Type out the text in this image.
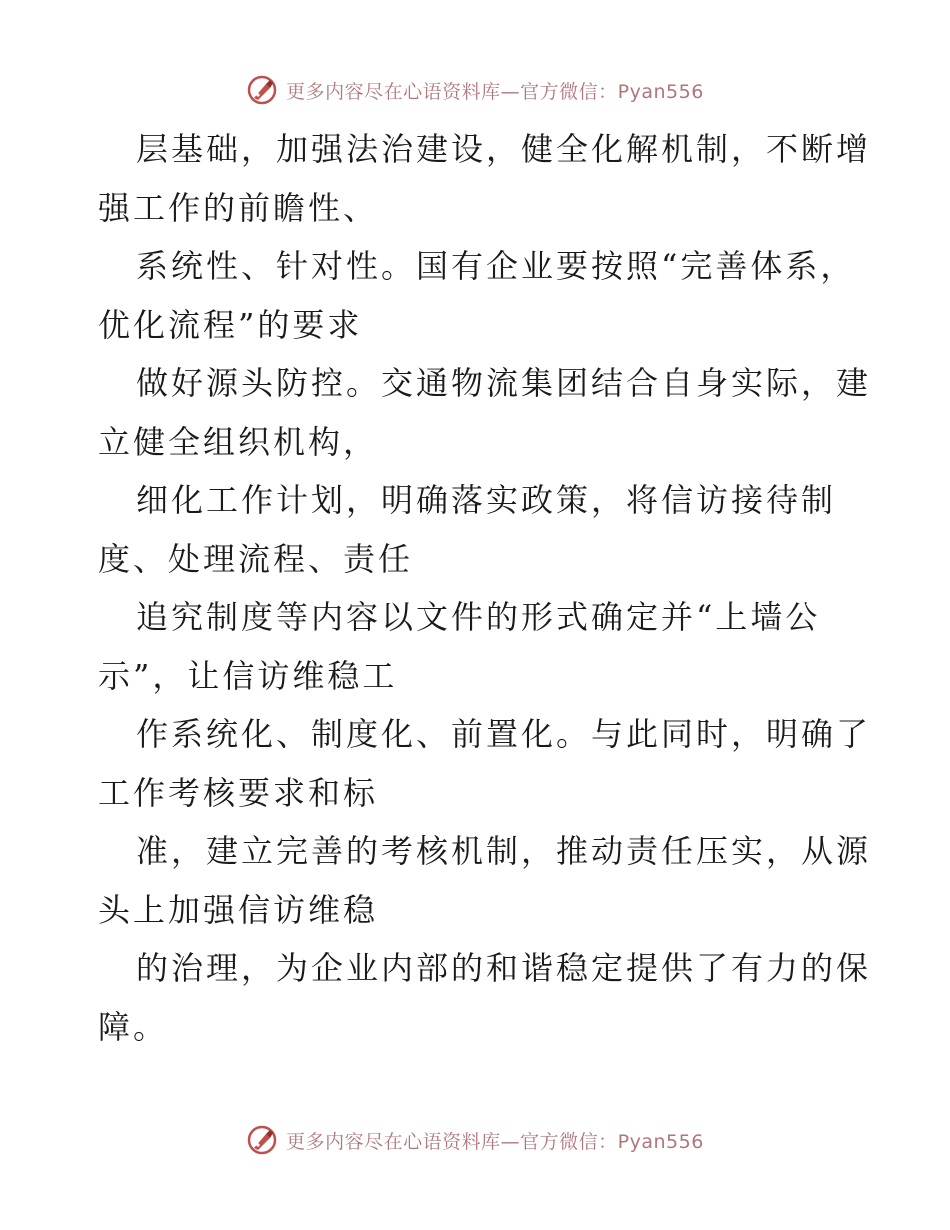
更多内容尽在心语资料库—官方微信：Pyan556
层基础，加强法治建设，健全化解机制，不断增
强工作的前瞻性、
系统性、针对性。国有企业要按照“完善体系，
优化流程”的要求
做好源头防控。交通物流集团结合自身实际，建
立健全组织机构，
细化工作计划，明确落实政策，将信访接待制
度、处理流程、责任
追究制度等内容以文件的形式确定并“上墙公
示”，让信访维稳工
作系统化、制度化、前置化。与此同时，明确了
工作考核要求和标
准，建立完善的考核机制，推动责任压实，从源
头上加强信访维稳
的治理，为企业内部的和谐稳定提供了有力的保
障。
更多内容尽在心语资料库—官方微信：Pyan556
